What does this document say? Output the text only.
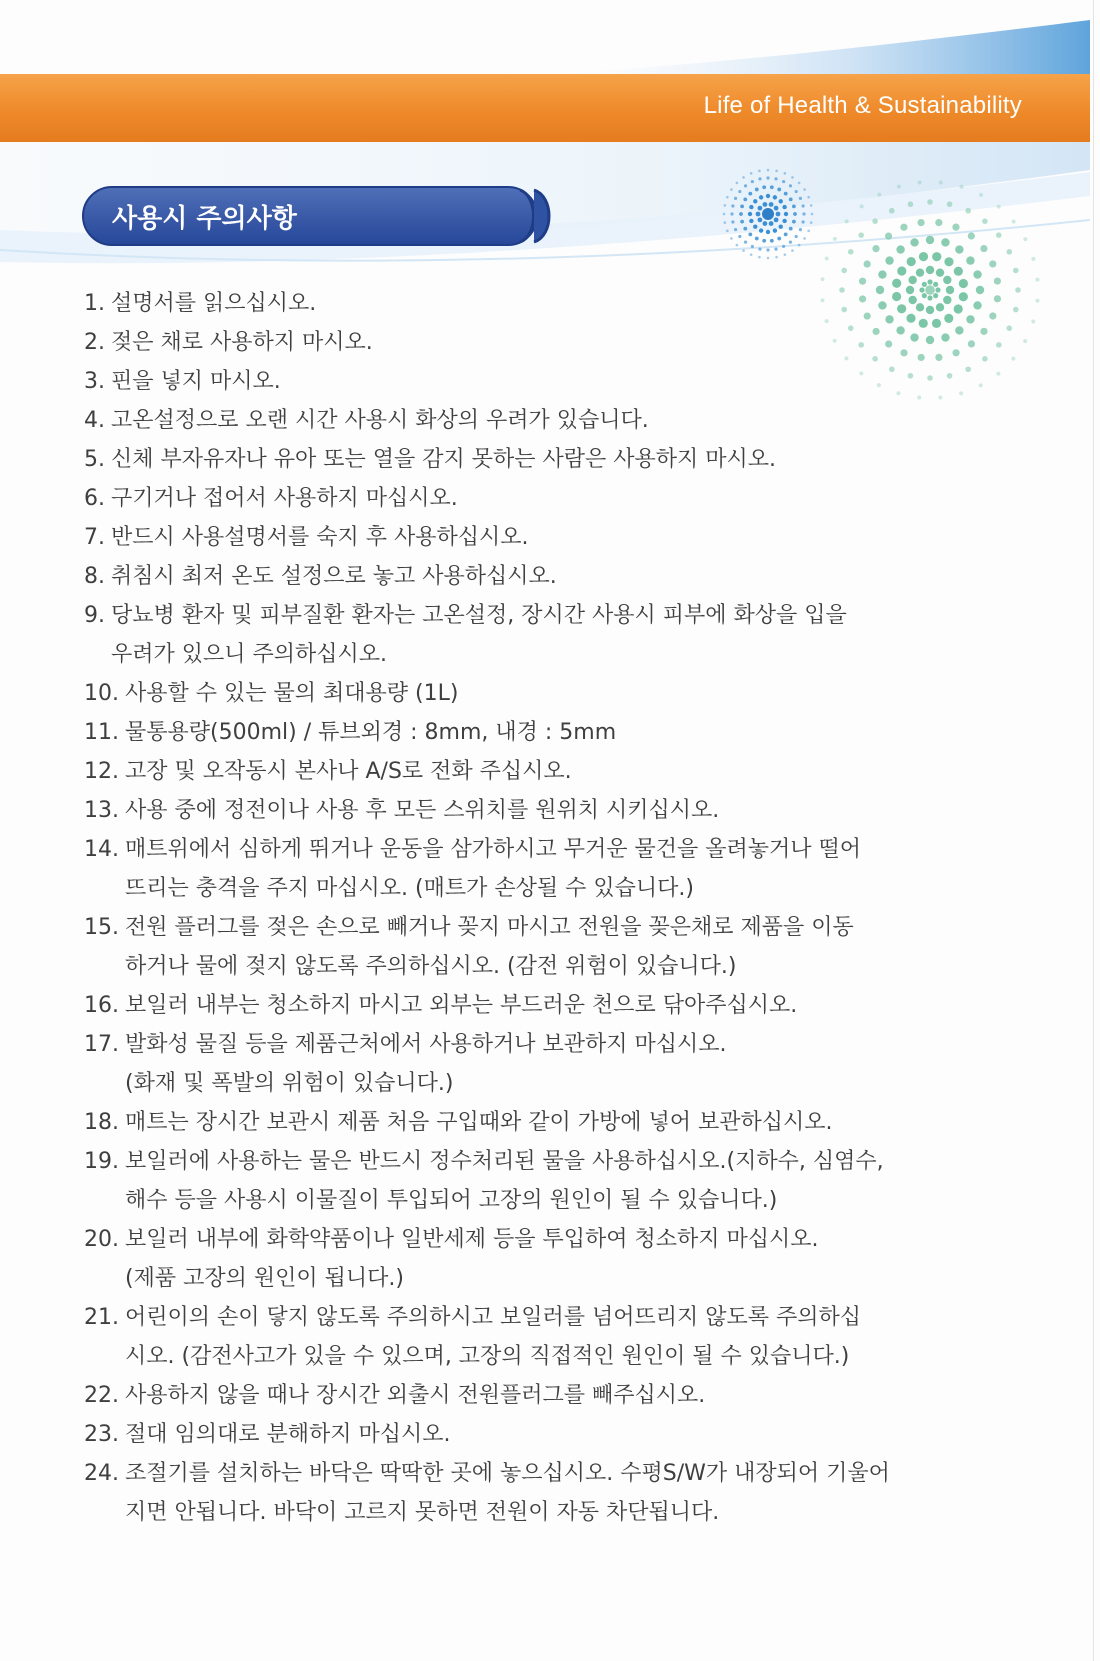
Life of Health & Sustainability
사용시 주의사항
1. 설명서를 읽으십시오.
2. 젖은 채로 사용하지 마시오.
3. 핀을 넣지 마시오.
4. 고온설정으로 오랜 시간 사용시 화상의 우려가 있습니다.
5. 신체 부자유자나 유아 또는 열을 감지 못하는 사람은 사용하지 마시오.
6. 구기거나 접어서 사용하지 마십시오.
7. 반드시 사용설명서를 숙지 후 사용하십시오.
8. 취침시 최저 온도 설정으로 놓고 사용하십시오.
9. 당뇨병 환자 및 피부질환 환자는 고온설정, 장시간 사용시 피부에 화상을 입을
우려가 있으니 주의하십시오.
10. 사용할 수 있는 물의 최대용량 (1L)
11. 물통용량(500ml) / 튜브외경 : 8mm, 내경 : 5mm
12. 고장 및 오작동시 본사나 A/S로 전화 주십시오.
13. 사용 중에 정전이나 사용 후 모든 스위치를 원위치 시키십시오.
14. 매트위에서 심하게 뛰거나 운동을 삼가하시고 무거운 물건을 올려놓거나 떨어
뜨리는 충격을 주지 마십시오. (매트가 손상될 수 있습니다.)
15. 전원 플러그를 젖은 손으로 빼거나 꽂지 마시고 전원을 꽂은채로 제품을 이동
하거나 물에 젖지 않도록 주의하십시오. (감전 위험이 있습니다.)
16. 보일러 내부는 청소하지 마시고 외부는 부드러운 천으로 닦아주십시오.
17. 발화성 물질 등을 제품근처에서 사용하거나 보관하지 마십시오.
(화재 및 폭발의 위험이 있습니다.)
18. 매트는 장시간 보관시 제품 처음 구입때와 같이 가방에 넣어 보관하십시오.
19. 보일러에 사용하는 물은 반드시 정수처리된 물을 사용하십시오.(지하수, 심염수,
해수 등을 사용시 이물질이 투입되어 고장의 원인이 될 수 있습니다.)
20. 보일러 내부에 화학약품이나 일반세제 등을 투입하여 청소하지 마십시오.
(제품 고장의 원인이 됩니다.)
21. 어린이의 손이 닿지 않도록 주의하시고 보일러를 넘어뜨리지 않도록 주의하십
시오. (감전사고가 있을 수 있으며, 고장의 직접적인 원인이 될 수 있습니다.)
22. 사용하지 않을 때나 장시간 외출시 전원플러그를 빼주십시오.
23. 절대 임의대로 분해하지 마십시오.
24. 조절기를 설치하는 바닥은 딱딱한 곳에 놓으십시오. 수평S/W가 내장되어 기울어
지면 안됩니다. 바닥이 고르지 못하면 전원이 자동 차단됩니다.
